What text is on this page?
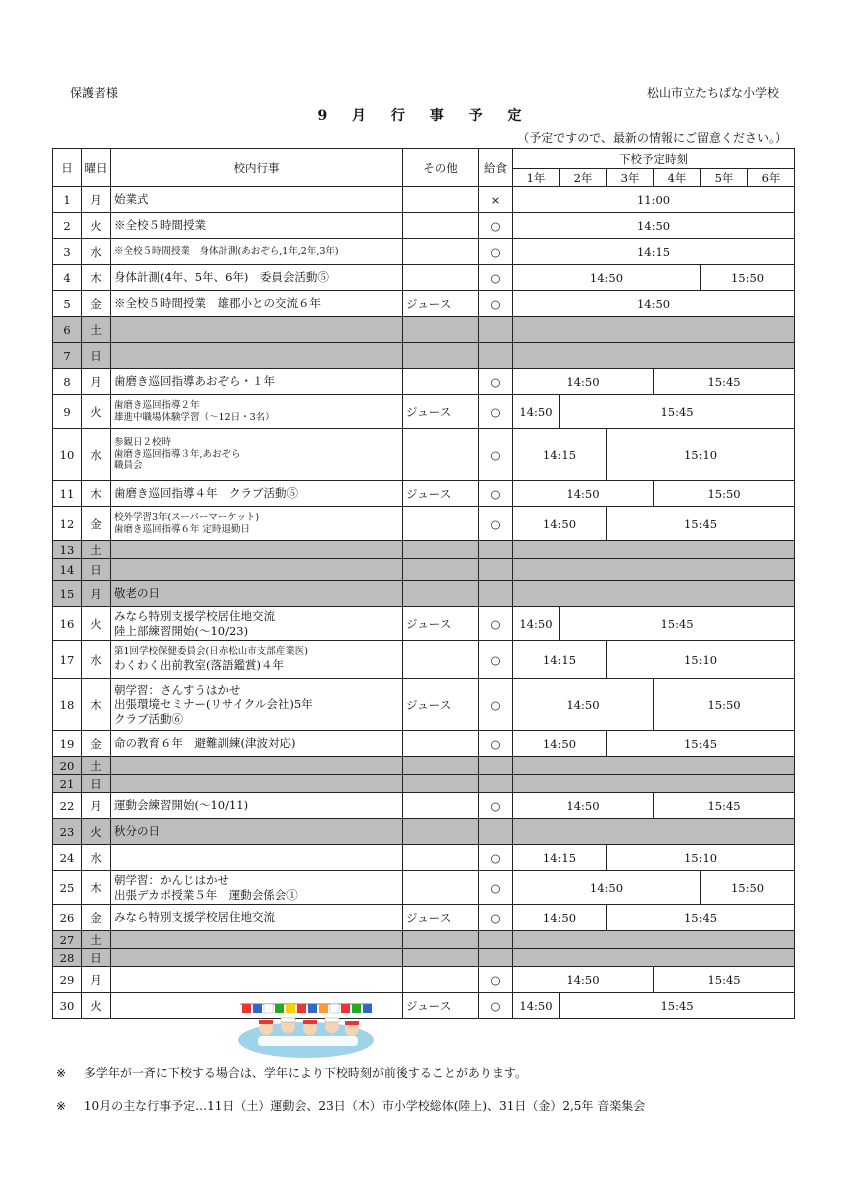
保護者様	松山市立たちばな小学校
9 月 行 事 予 定
（予定ですので、最新の情報にご留意ください。）
日	曜日	校内行事	その他	給食	下校予定時刻					
					1年	2年	3年	4年	5年	6年
1	月	始業式		×	11:00					
2	火	※全校５時間授業		○	14:50					
3	水	※全校５時間授業　身体計測(あおぞら,1年,2年,3年)		○	14:15					
4	木	身体計測(4年、5年、6年)　委員会活動⑤		○	14:50				15:50	
5	金	※全校５時間授業　雄郡小との交流６年	ジュース	○	14:50					
6	土									
7	日									
8	月	歯磨き巡回指導あおぞら・１年		○	14:50			15:45		
9	火	歯磨き巡回指導２年
雄進中職場体験学習（〜12日・3名）	ジュース	○	14:50	15:45				
10	水	参観日２校時
歯磨き巡回指導３年,あおぞら
職員会		○	14:15		15:10			
11	木	歯磨き巡回指導４年　クラブ活動⑤	ジュース	○	14:50			15:50		
12	金	校外学習3年(スーパーマーケット)
歯磨き巡回指導６年 定時退勤日		○	14:50		15:45			
13	土									
14	日									
15	月	敬老の日								

16	火	みなら特別支援学校居住地交流
陸上部練習開始(〜10/23)	ジュース	○	14:50	15:45				
17	水	第1回学校保健委員会(日赤松山市支部産業医)
わくわく出前教室(落語鑑賞)４年		○	14:15		15:10			
18	木	朝学習：さんすうはかせ
出張環境セミナー(リサイクル会社)5年
クラブ活動⑥	ジュース	○	14:50			15:50		
19	金	命の教育６年　避難訓練(津波対応)		○	14:50		15:45			
20	土									
21	日									
22	月	運動会練習開始(〜10/11)		○	14:50			15:45		
23	火	秋分の日								

24	水			○	14:15		15:10			
25	木	朝学習：かんじはかせ
出張デカポ授業５年　運動会係会①		○	14:50				15:50	
26	金	みなら特別支援学校居住地交流	ジュース	○	14:50		15:45			
27	土									
28	日									
29	月			○	14:50			15:45		
30	火		ジュース	○	14:50	15:45				
※ 多学年が一斉に下校する場合は、学年により下校時刻が前後することがあります。
※ 10月の主な行事予定…11日（土）運動会、23日（木）市小学校総体(陸上)、31日（金）2,5年 音楽集会
